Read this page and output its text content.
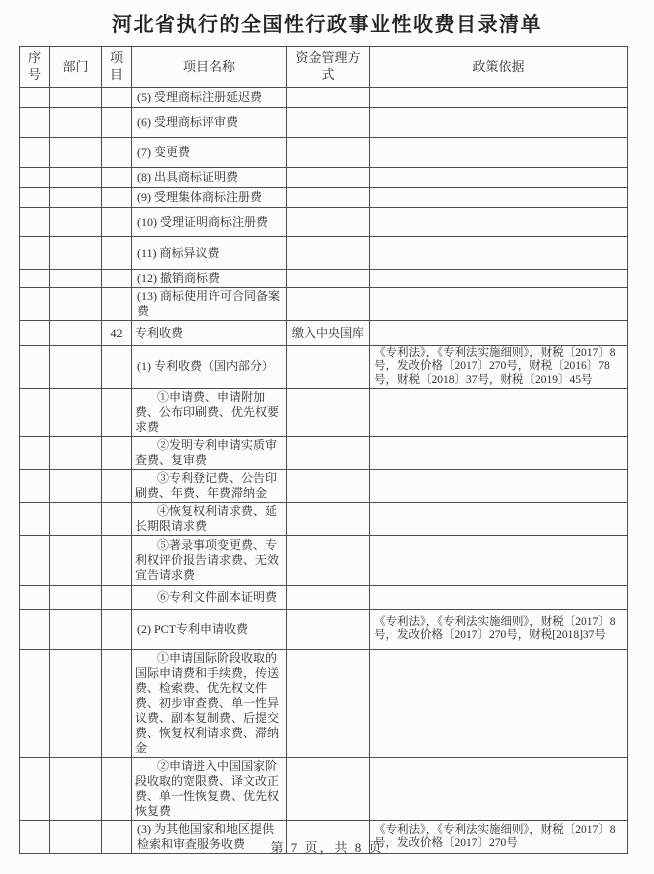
河北省执行的全国性行政事业性收费目录清单
序号	部门	项目	项目名称	资金管理方式	政策依据
			(5) 受理商标注册延迟费		
			(6) 受理商标评审费		
			(7) 变更费		
			(8) 出具商标证明费		
			(9) 受理集体商标注册费		
			(10) 受理证明商标注册费		
			(11) 商标异议费		
			(12) 撤销商标费		
			(13) 商标使用许可合同备案费		
		42	专利收费	缴入中央国库	
			(1) 专利收费（国内部分）		《专利法》，《专利法实施细则》，财税〔2017〕8号，发改价格〔2017〕270号，财税〔2016〕78号，财税〔2018〕37号，财税〔2019〕45号
			①申请费、申请附加费、公布印刷费、优先权要求费		
			②发明专利申请实质审查费、复审费		
			③专利登记费、公告印刷费、年费、年费滞纳金		
			④恢复权利请求费、延长期限请求费		
			⑤著录事项变更费、专利权评价报告请求费、无效宣告请求费		
			⑥专利文件副本证明费		
			(2) PCT专利申请收费		《专利法》，《专利法实施细则》，财税〔2017〕8号，发改价格〔2017〕270号，财税[2018]37号
			①申请国际阶段收取的国际申请费和手续费，传送费、检索费、优先权文件费、初步审查费、单一性异议费、副本复制费、后提交费、恢复权利请求费、滞纳金		
			②申请进入中国国家阶段收取的宽限费、译文改正费、单一性恢复费、优先权恢复费		
			(3) 为其他国家和地区提供检索和审查服务收费		《专利法》，《专利法实施细则》，财税〔2017〕8号，发改价格〔2017〕270号
第 7 页，共 8 页
